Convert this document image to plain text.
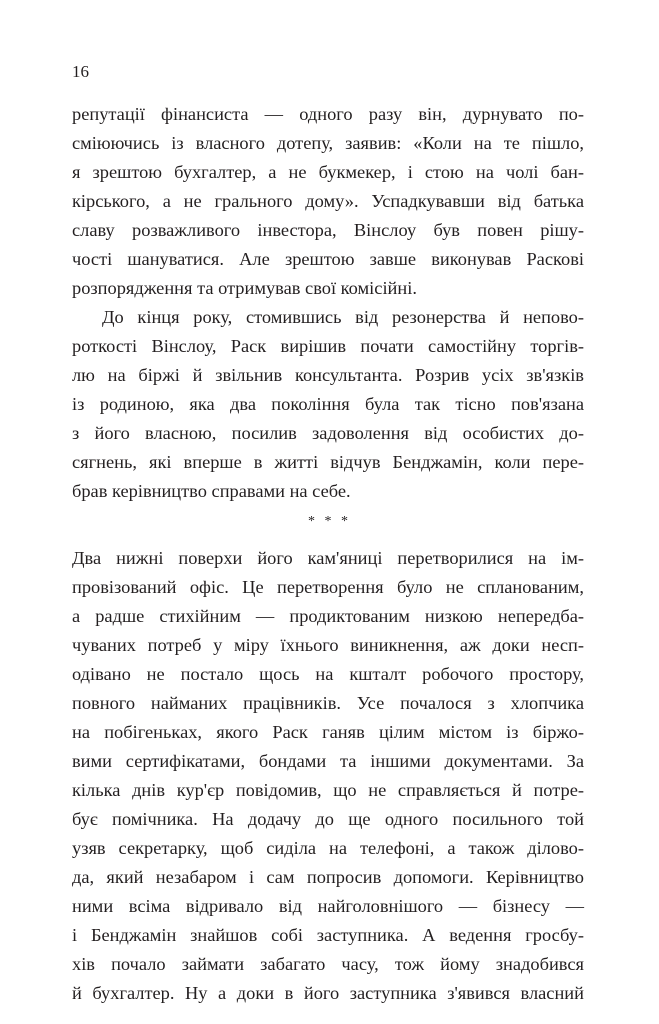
16
репутації фінансиста — одного разу він, дурнувато по-
сміюючись із власного дотепу, заявив: «Коли на те пішло,
я зрештою бухгалтер, а не букмекер, і стою на чолі бан-
кірського, а не грального дому». Успадкувавши від батька
славу розважливого інвестора, Вінслоу був повен рішу-
чості шануватися. Але зрештою завше виконував Раскові
розпорядження та отримував свої комісійні.
До кінця року, стомившись від резонерства й непово-
роткості Вінслоу, Раск вирішив почати самостійну торгів-
лю на біржі й звільнив консультанта. Розрив усіх зв'язків
із родиною, яка два покоління була так тісно пов'язана
з його власною, посилив задоволення від особистих до-
сягнень, які вперше в житті відчув Бенджамін, коли пере-
брав керівництво справами на себе.
* * *
Два нижні поверхи його кам'яниці перетворилися на ім-
провізований офіс. Це перетворення було не спланованим,
а радше стихійним — продиктованим низкою непередба-
чуваних потреб у міру їхнього виникнення, аж доки несп-
одівано не постало щось на кшталт робочого простору,
повного найманих працівників. Усе почалося з хлопчика
на побігеньках, якого Раск ганяв цілим містом із біржо-
вими сертифікатами, бондами та іншими документами. За
кілька днів кур'єр повідомив, що не справляється й потре-
бує помічника. На додачу до ще одного посильного той
узяв секретарку, щоб сиділа на телефоні, а також ділово-
да, який незабаром і сам попросив допомоги. Керівництво
ними всіма відривало від найголовнішого — бізнесу —
і Бенджамін знайшов собі заступника. А ведення гросбу-
хів почало займати забагато часу, тож йому знадобився
й бухгалтер. Ну а доки в його заступника з'явився власний
